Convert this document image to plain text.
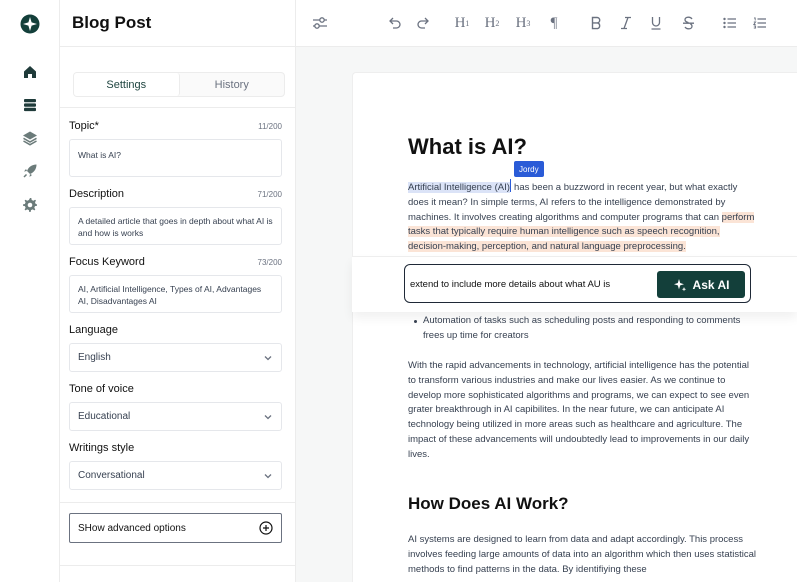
Blog Post
Settings	History
Topic*	11/200
What is AI?
Description	71/200
A detailed article that goes in depth about what AI is and how is works
Focus Keyword	73/200
AI, Artificial Intelligence, Types of AI, Advantages AI, Disadvantages AI
Language
English
Tone of voice
Educational
Writings style
Conversational
SHow advanced options
H 1 H 2 H 3 ¶
What is AI?
Jordy
Artificial Intelligence (AI) has been a buzzword in recent year, but what exactly does it mean? In simple terms, AI refers to the intelligence demonstrated by machines. It involves creating algorithms and computer programs that can perform tasks that typically require human intelligence such as speech recognition, decision-making, perception, and natural language preprocessing.
extend to include more details about what AU is
Ask AI
Automation of tasks such as scheduling posts and responding to comments frees up time for creators
With the rapid advancements in technology, artificial intelligence has the potential to transform various industries and make our lives easier. As we continue to develop more sophisticated algorithms and programs, we can expect to see even grater breakthrough in AI capibilites. In the near future, we can anticipate AI technology being utilized in more areas such as healthcare and agriculture. The impact of these advancements will undoubtedly lead to improvements in our daily lives.
How Does AI Work?
AI systems are designed to learn from data and adapt accordingly. This process involves feeding large amounts of data into an algorithm which then uses statistical methods to find patterns in the data. By identifiying these
